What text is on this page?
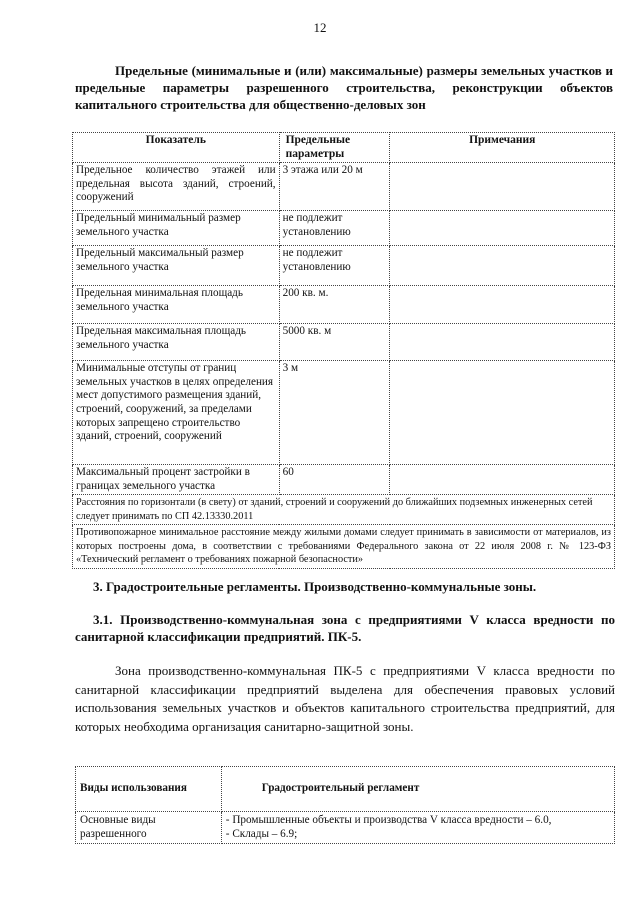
12
Предельные (минимальные и (или) максимальные) размеры земельных участков и предельные параметры разрешенного строительства, реконструкции объектов капитального строительства для общественно-деловых зон
Показатель	Предельные параметры	Примечания
Предельное количество этажей или предельная высота зданий, строений, сооружений	3 этажа или 20 м	
Предельный минимальный размер земельного участка	не подлежит установлению	
Предельный максимальный размер земельного участка	не подлежит установлению	
Предельная минимальная площадь земельного участка	200 кв. м.	
Предельная максимальная площадь земельного участка	5000 кв. м	
Минимальные отступы от границ земельных участков в целях определения мест допустимого размещения зданий, строений, сооружений, за пределами которых запрещено строительство зданий, строений, сооружений	3 м	
Максимальный процент застройки в границах земельного участка	60	
Расстояния по горизонтали (в свету) от зданий, строений и сооружений до ближайших подземных инженерных сетей следует принимать по СП 42.13330.2011		
Противопожарное минимальное расстояние между жилыми домами следует принимать в зависимости от материалов, из которых построены дома, в соответствии с требованиями Федерального закона от 22 июля 2008 г. № 123-ФЗ «Технический регламент о требованиях пожарной безопасности»		
3. Градостроительные регламенты. Производственно-коммунальные зоны.
3.1. Производственно-коммунальная зона с предприятиями V класса вредности по санитарной классификации предприятий. ПК-5.
Зона производственно-коммунальная ПК-5 с предприятиями V класса вредности по санитарной классификации предприятий выделена для обеспечения правовых условий использования земельных участков и объектов капитального строительства предприятий, для которых необходима организация санитарно-защитной зоны.
Виды использования	Градостроительный регламент
Основные виды разрешенного	- Промышленные объекты и производства V класса вредности – 6.0,
- Склады – 6.9;
